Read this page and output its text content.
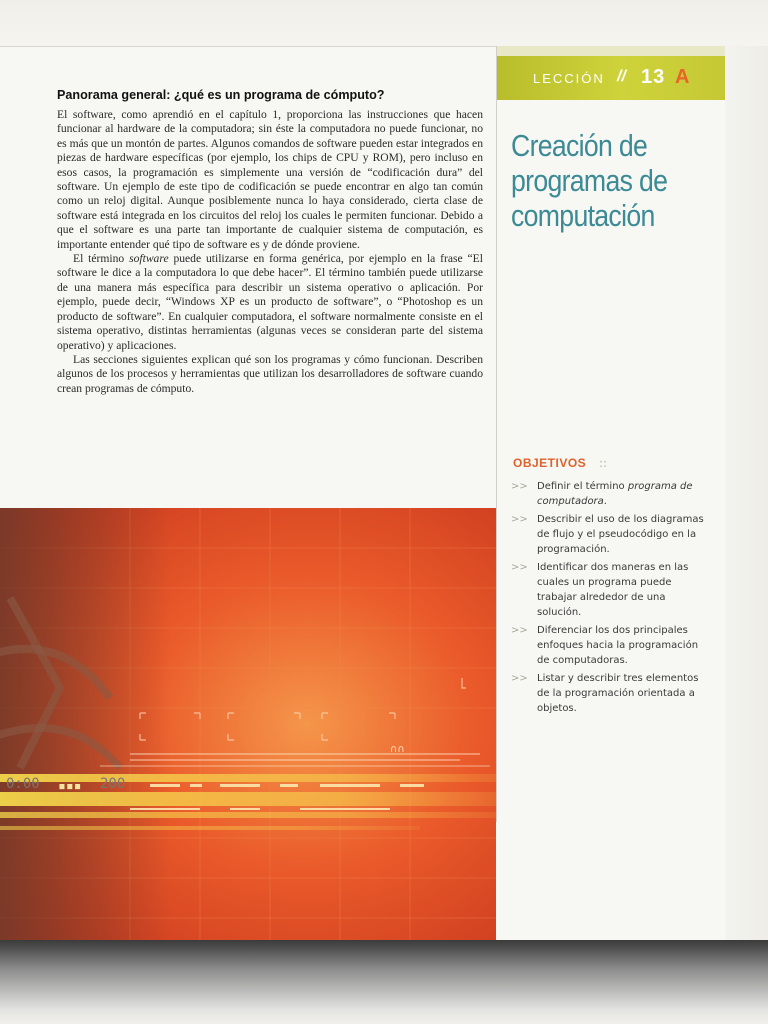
Panorama general: ¿qué es un programa de cómputo?

El software, como aprendió en el capítulo 1, proporciona las instrucciones que hacen funcionar al hardware de la computadora; sin éste la computadora no puede funcionar, no es más que un montón de partes. Algunos comandos de software pueden estar integrados en piezas de hardware específicas (por ejemplo, los chips de CPU y ROM), pero incluso en esos casos, la programación es simplemente una versión de “codificación dura” del software. Un ejemplo de este tipo de codificación se puede encontrar en algo tan común como un reloj digital. Aunque posiblemente nunca lo haya considerado, cierta clase de software está integrada en los circuitos del reloj los cuales le permiten funcionar. Debido a que el software es una parte tan importante de cualquier sistema de computación, es importante entender qué tipo de software es y de dónde proviene.

El término software puede utilizarse en forma genérica, por ejemplo en la frase “El software le dice a la computadora lo que debe hacer”. El término también puede utilizarse de una manera más específica para describir un sistema operativo o aplicación. Por ejemplo, puede decir, “Windows XP es un producto de software”, o “Photoshop es un producto de software”. En cualquier computadora, el software normalmente consiste en el sistema operativo, distintas herramientas (algunas veces se consideran parte del sistema operativo) y aplicaciones.

Las secciones siguientes explican qué son los programas y cómo funcionan. Describen algunos de los procesos y herramientas que utilizan los desarrolladores de software cuando crean programas de cómputo.

LECCIÓN // 13 A
Creación de
programas de
computación
OBJETIVOS ::
>> Definir el término programa de computadora.
>> Describir el uso de los diagramas de flujo y el pseudocódigo en la programación.
>> Identificar dos maneras en las cuales un programa puede trabajar alrededor de una solución.
>> Diferenciar los dos principales enfoques hacia la programación de computadoras.
>> Listar y describir tres elementos de la programación orientada a objetos.
0:00 ▪▪▪ 200
∩∩
